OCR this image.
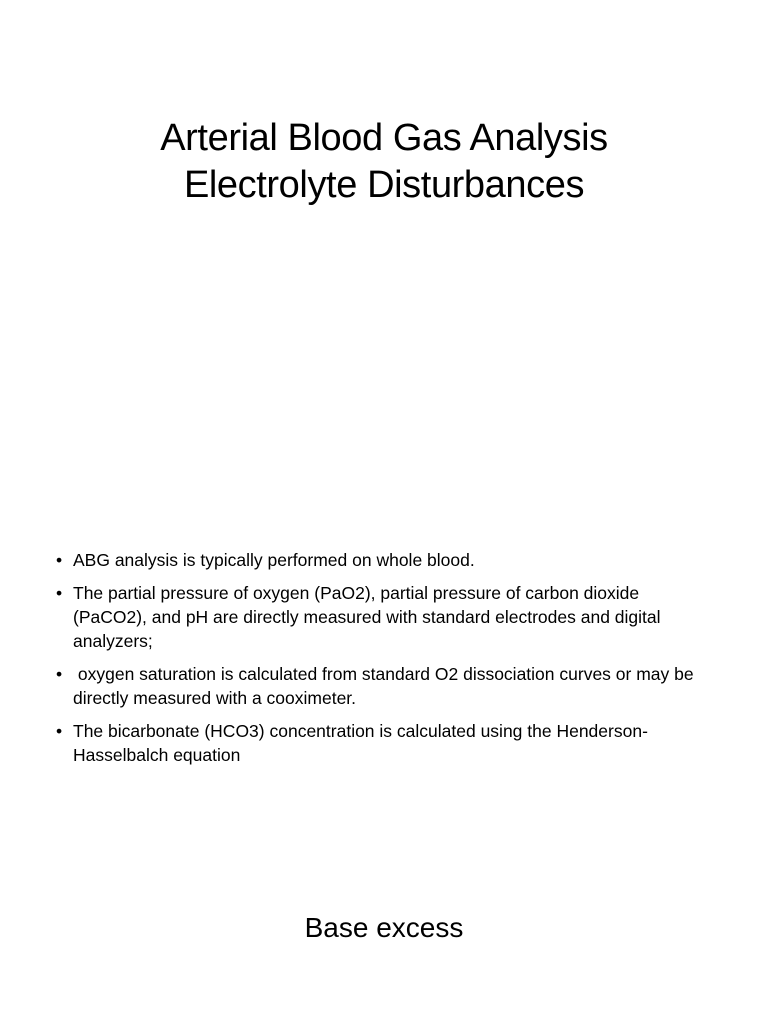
Arterial Blood Gas Analysis
Electrolyte Disturbances
• ABG analysis is typically performed on whole blood.
• The partial pressure of oxygen (PaO2), partial pressure of carbon dioxide (PaCO2), and pH are directly measured with standard electrodes and digital analyzers;
• oxygen saturation is calculated from standard O2 dissociation curves or may be directly measured with a cooximeter.
• The bicarbonate (HCO3) concentration is calculated using the Henderson-Hasselbalch equation
Base excess
